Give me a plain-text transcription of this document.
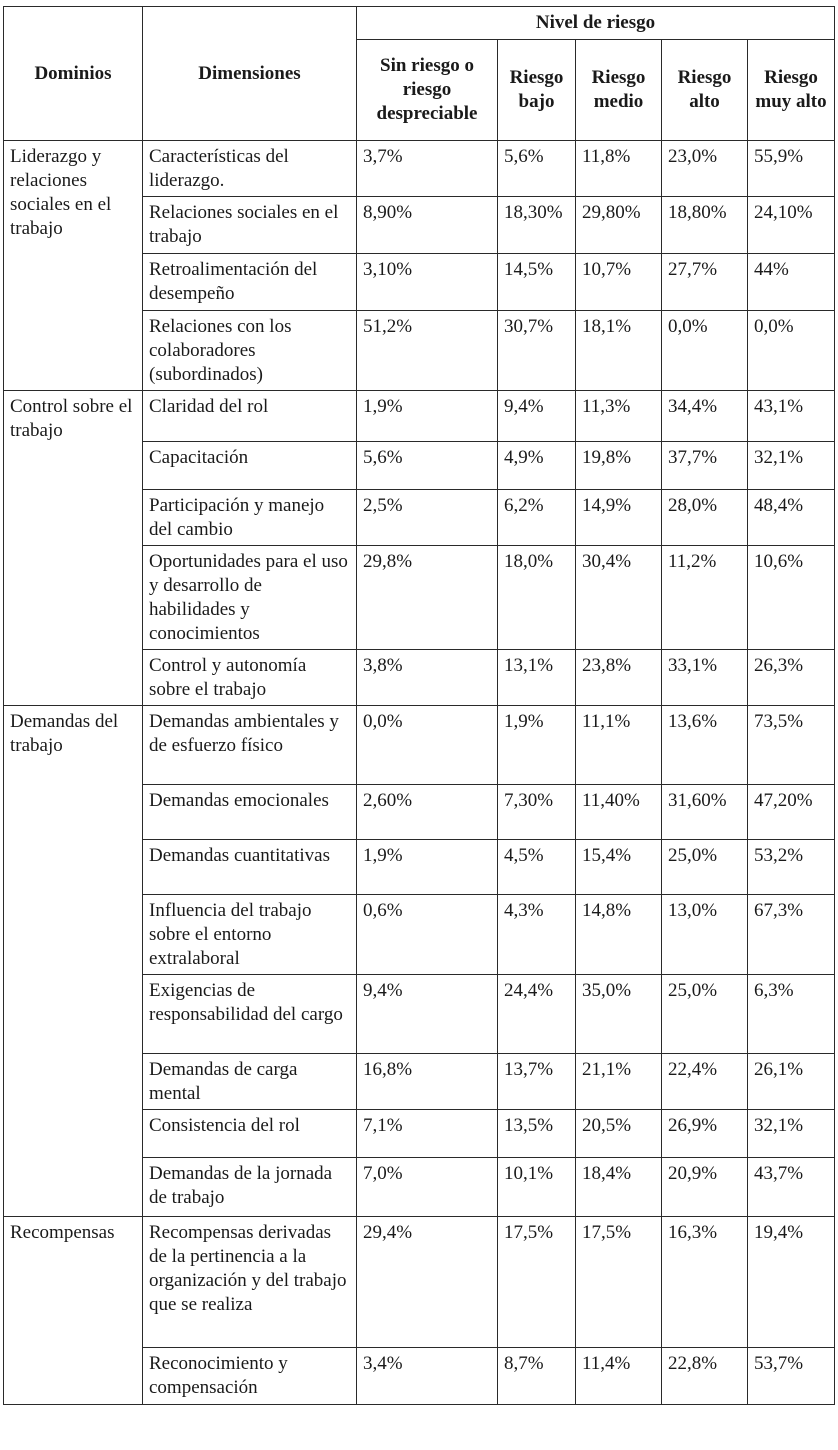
Dominios	Dimensiones	Nivel de riesgo				
		Sin riesgo o riesgo despreciable	Riesgo bajo	Riesgo medio	Riesgo alto	Riesgo muy alto
Liderazgo y relaciones sociales en el trabajo	Características del liderazgo.	3,7%	5,6%	11,8%	23,0%	55,9%
	Relaciones sociales en el trabajo	8,90%	18,30%	29,80%	18,80%	24,10%
	Retroalimentación del desempeño	3,10%	14,5%	10,7%	27,7%	44%
	Relaciones con los colaboradores (subordinados)	51,2%	30,7%	18,1%	0,0%	0,0%
Control sobre el trabajo	Claridad del rol	1,9%	9,4%	11,3%	34,4%	43,1%
	Capacitación	5,6%	4,9%	19,8%	37,7%	32,1%
	Participación y manejo del cambio	2,5%	6,2%	14,9%	28,0%	48,4%
	Oportunidades para el uso y desarrollo de habilidades y conocimientos	29,8%	18,0%	30,4%	11,2%	10,6%
	Control y autonomía sobre el trabajo	3,8%	13,1%	23,8%	33,1%	26,3%
Demandas del trabajo	Demandas ambientales y de esfuerzo físico	0,0%	1,9%	11,1%	13,6%	73,5%
	Demandas emocionales	2,60%	7,30%	11,40%	31,60%	47,20%
	Demandas cuantitativas	1,9%	4,5%	15,4%	25,0%	53,2%
	Influencia del trabajo sobre el entorno extralaboral	0,6%	4,3%	14,8%	13,0%	67,3%
	Exigencias de responsabilidad del cargo	9,4%	24,4%	35,0%	25,0%	6,3%
	Demandas de carga mental	16,8%	13,7%	21,1%	22,4%	26,1%
	Consistencia del rol	7,1%	13,5%	20,5%	26,9%	32,1%
	Demandas de la jornada de trabajo	7,0%	10,1%	18,4%	20,9%	43,7%
Recompensas	Recompensas derivadas de la pertinencia a la organización y del trabajo que se realiza	29,4%	17,5%	17,5%	16,3%	19,4%
	Reconocimiento y compensación	3,4%	8,7%	11,4%	22,8%	53,7%
